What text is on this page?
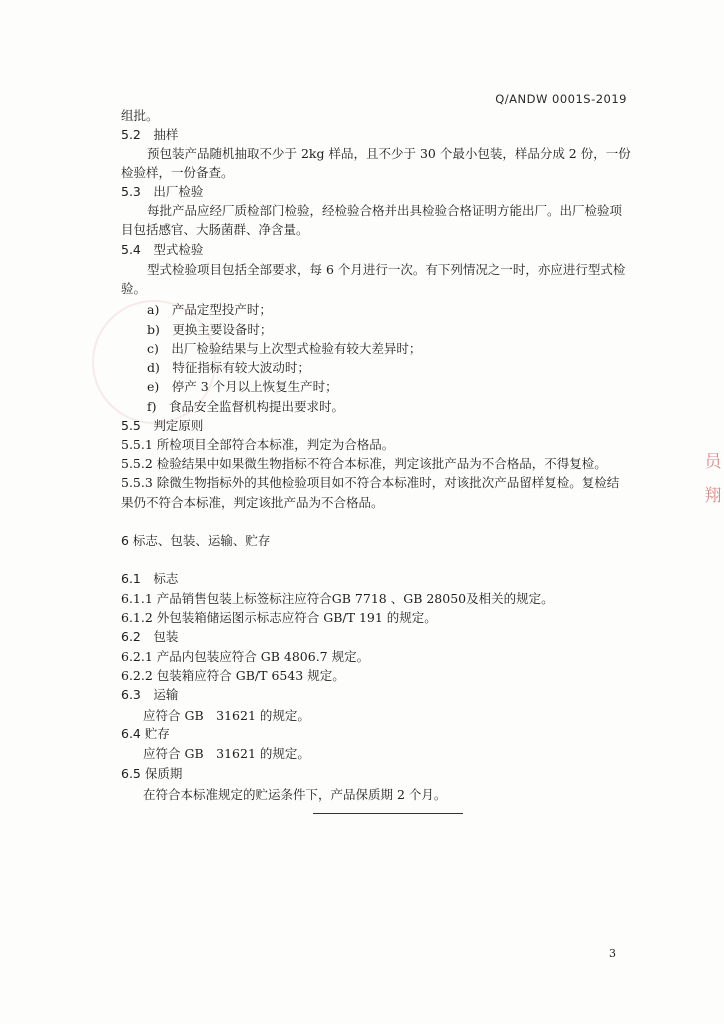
Q/ANDW 0001S-2019
组批。
5.2　抽样
预包装产品随机抽取不少于 2kg 样品，且不少于 30 个最小包装，样品分成 2 份，一份
检验样，一份备查。
5.3　出厂检验
每批产品应经厂质检部门检验，经检验合格并出具检验合格证明方能出厂。出厂检验项
目包括感官、大肠菌群、净含量。
5.4　型式检验
型式检验项目包括全部要求，每 6 个月进行一次。有下列情况之一时，亦应进行型式检
验。
a)　产品定型投产时；
b)　更换主要设备时；
c)　出厂检验结果与上次型式检验有较大差异时；
d)　特征指标有较大波动时；
e)　停产 3 个月以上恢复生产时；
f)　食品安全监督机构提出要求时。
5.5　判定原则
5.5.1 所检项目全部符合本标准，判定为合格品。
5.5.2 检验结果中如果微生物指标不符合本标准，判定该批产品为不合格品，不得复检。
5.5.3 除微生物指标外的其他检验项目如不符合本标准时，对该批次产品留样复检。复检结
果仍不符合本标准，判定该批产品为不合格品。
6 标志、包装、运输、贮存
6.1　标志
6.1.1 产品销售包装上标签标注应符合GB 7718 、GB 28050及相关的规定。
6.1.2 外包装箱储运图示标志应符合 GB/T 191 的规定。
6.2　包装
6.2.1 产品内包装应符合 GB 4806.7 规定。
6.2.2 包装箱应符合 GB/T 6543 规定。
6.3　运输
应符合 GB　31621 的规定。
6.4 贮存
应符合 GB　31621 的规定。
6.5 保质期
在符合本标准规定的贮运条件下，产品保质期 2 个月。
3
员
翔
